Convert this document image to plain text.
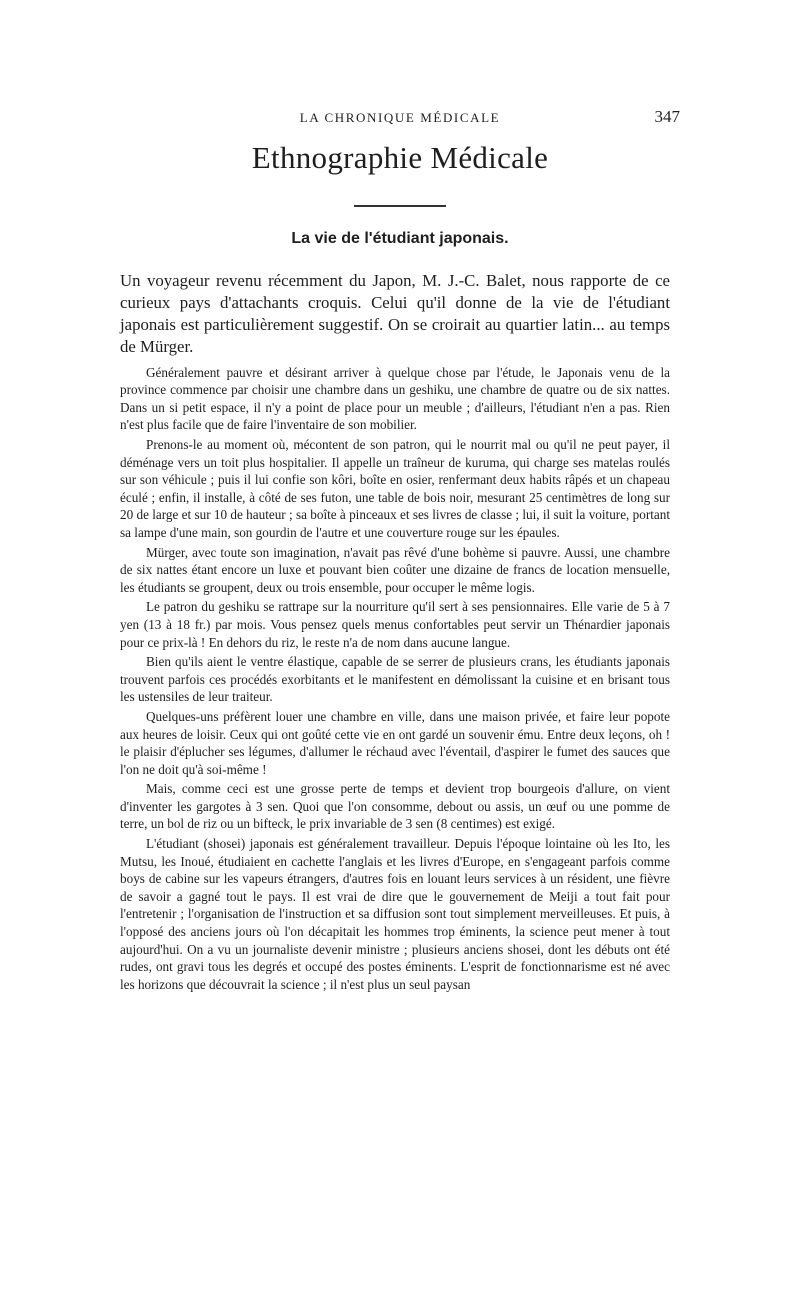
LA CHRONIQUE MÉDICALE	347
Ethnographie Médicale
La vie de l'étudiant japonais.

Un voyageur revenu récemment du Japon, M. J.-C. Balet, nous rapporte de ce curieux pays d'attachants croquis. Celui qu'il donne de la vie de l'étudiant japonais est particulièrement suggestif. On se croirait au quartier latin... au temps de Mürger.

Généralement pauvre et désirant arriver à quelque chose par l'étude, le Japonais venu de la province commence par choisir une chambre dans un geshiku, une chambre de quatre ou de six nattes. Dans un si petit espace, il n'y a point de place pour un meuble ; d'ailleurs, l'étudiant n'en a pas. Rien n'est plus facile que de faire l'inventaire de son mobilier.

Prenons-le au moment où, mécontent de son patron, qui le nourrit mal ou qu'il ne peut payer, il déménage vers un toit plus hospitalier. Il appelle un traîneur de kuruma, qui charge ses matelas roulés sur son véhicule ; puis il lui confie son kôri, boîte en osier, renfermant deux habits râpés et un chapeau éculé ; enfin, il installe, à côté de ses futon, une table de bois noir, mesurant 25 centimètres de long sur 20 de large et sur 10 de hauteur ; sa boîte à pinceaux et ses livres de classe ; lui, il suit la voiture, portant sa lampe d'une main, son gourdin de l'autre et une couverture rouge sur les épaules.

Mürger, avec toute son imagination, n'avait pas rêvé d'une bohème si pauvre. Aussi, une chambre de six nattes étant encore un luxe et pouvant bien coûter une dizaine de francs de location mensuelle, les étudiants se groupent, deux ou trois ensemble, pour occuper le même logis.

Le patron du geshiku se rattrape sur la nourriture qu'il sert à ses pensionnaires. Elle varie de 5 à 7 yen (13 à 18 fr.) par mois. Vous pensez quels menus confortables peut servir un Thénardier japonais pour ce prix-là ! En dehors du riz, le reste n'a de nom dans aucune langue.

Bien qu'ils aient le ventre élastique, capable de se serrer de plusieurs crans, les étudiants japonais trouvent parfois ces procédés exorbitants et le manifestent en démolissant la cuisine et en brisant tous les ustensiles de leur traiteur.

Quelques-uns préfèrent louer une chambre en ville, dans une maison privée, et faire leur popote aux heures de loisir. Ceux qui ont goûté cette vie en ont gardé un souvenir ému. Entre deux leçons, oh ! le plaisir d'éplucher ses légumes, d'allumer le réchaud avec l'éventail, d'aspirer le fumet des sauces que l'on ne doit qu'à soi-même !

Mais, comme ceci est une grosse perte de temps et devient trop bourgeois d'allure, on vient d'inventer les gargotes à 3 sen. Quoi que l'on consomme, debout ou assis, un œuf ou une pomme de terre, un bol de riz ou un bifteck, le prix invariable de 3 sen (8 centimes) est exigé.

L'étudiant (shosei) japonais est généralement travailleur. Depuis l'époque lointaine où les Ito, les Mutsu, les Inoué, étudiaient en cachette l'anglais et les livres d'Europe, en s'engageant parfois comme boys de cabine sur les vapeurs étrangers, d'autres fois en louant leurs services à un résident, une fièvre de savoir a gagné tout le pays. Il est vrai de dire que le gouvernement de Meiji a tout fait pour l'entretenir ; l'organisation de l'instruction et sa diffusion sont tout simplement merveilleuses. Et puis, à l'opposé des anciens jours où l'on décapitait les hommes trop éminents, la science peut mener à tout aujourd'hui. On a vu un journaliste devenir ministre ; plusieurs anciens shosei, dont les débuts ont été rudes, ont gravi tous les degrés et occupé des postes éminents. L'esprit de fonctionnarisme est né avec les horizons que découvrait la science ; il n'est plus un seul paysan
